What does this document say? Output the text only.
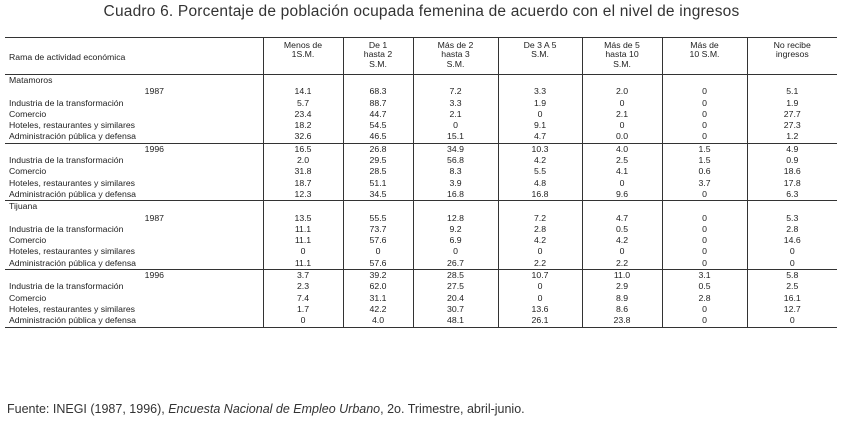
Cuadro 6. Porcentaje de población ocupada femenina de acuerdo con el nivel de ingresos
Rama de actividad económica	Menos de 1S.M.	De 1 hasta 2 S.M.	Más de 2 hasta 3 S.M.	De 3 A 5 S.M.	Más de 5 hasta 10 S.M.	Más de 10 S.M.	No recibe ingresos
Matamoros							
1987	14.1	68.3	7.2	3.3	2.0	0	5.1
Industria de la transformación	5.7	88.7	3.3	1.9	0	0	1.9
Comercio	23.4	44.7	2.1	0	2.1	0	27.7
Hoteles, restaurantes y similares	18.2	54.5	0	9.1	0	0	27.3
Administración pública y defensa	32.6	46.5	15.1	4.7	0.0	0	1.2
1996	16.5	26.8	34.9	10.3	4.0	1.5	4.9
Industria de la transformación	2.0	29.5	56.8	4.2	2.5	1.5	0.9
Comercio	31.8	28.5	8.3	5.5	4.1	0.6	18.6
Hoteles, restaurantes y similares	18.7	51.1	3.9	4.8	0	3.7	17.8
Administración pública y defensa	12.3	34.5	16.8	16.8	9.6	0	6.3
Tijuana							
1987	13.5	55.5	12.8	7.2	4.7	0	5.3
Industria de la transformación	11.1	73.7	9.2	2.8	0.5	0	2.8
Comercio	11.1	57.6	6.9	4.2	4.2	0	14.6
Hoteles, restaurantes y similares	0	0	0	0	0	0	0
Administración pública y defensa	11.1	57.6	26.7	2.2	2.2	0	0
1996	3.7	39.2	28.5	10.7	11.0	3.1	5.8
Industria de la transformación	2.3	62.0	27.5	0	2.9	0.5	2.5
Comercio	7.4	31.1	20.4	0	8.9	2.8	16.1
Hoteles, restaurantes y similares	1.7	42.2	30.7	13.6	8.6	0	12.7
Administración pública y defensa	0	4.0	48.1	26.1	23.8	0	0
Fuente: INEGI (1987, 1996), Encuesta Nacional de Empleo Urbano, 2o. Trimestre, abril-junio.
